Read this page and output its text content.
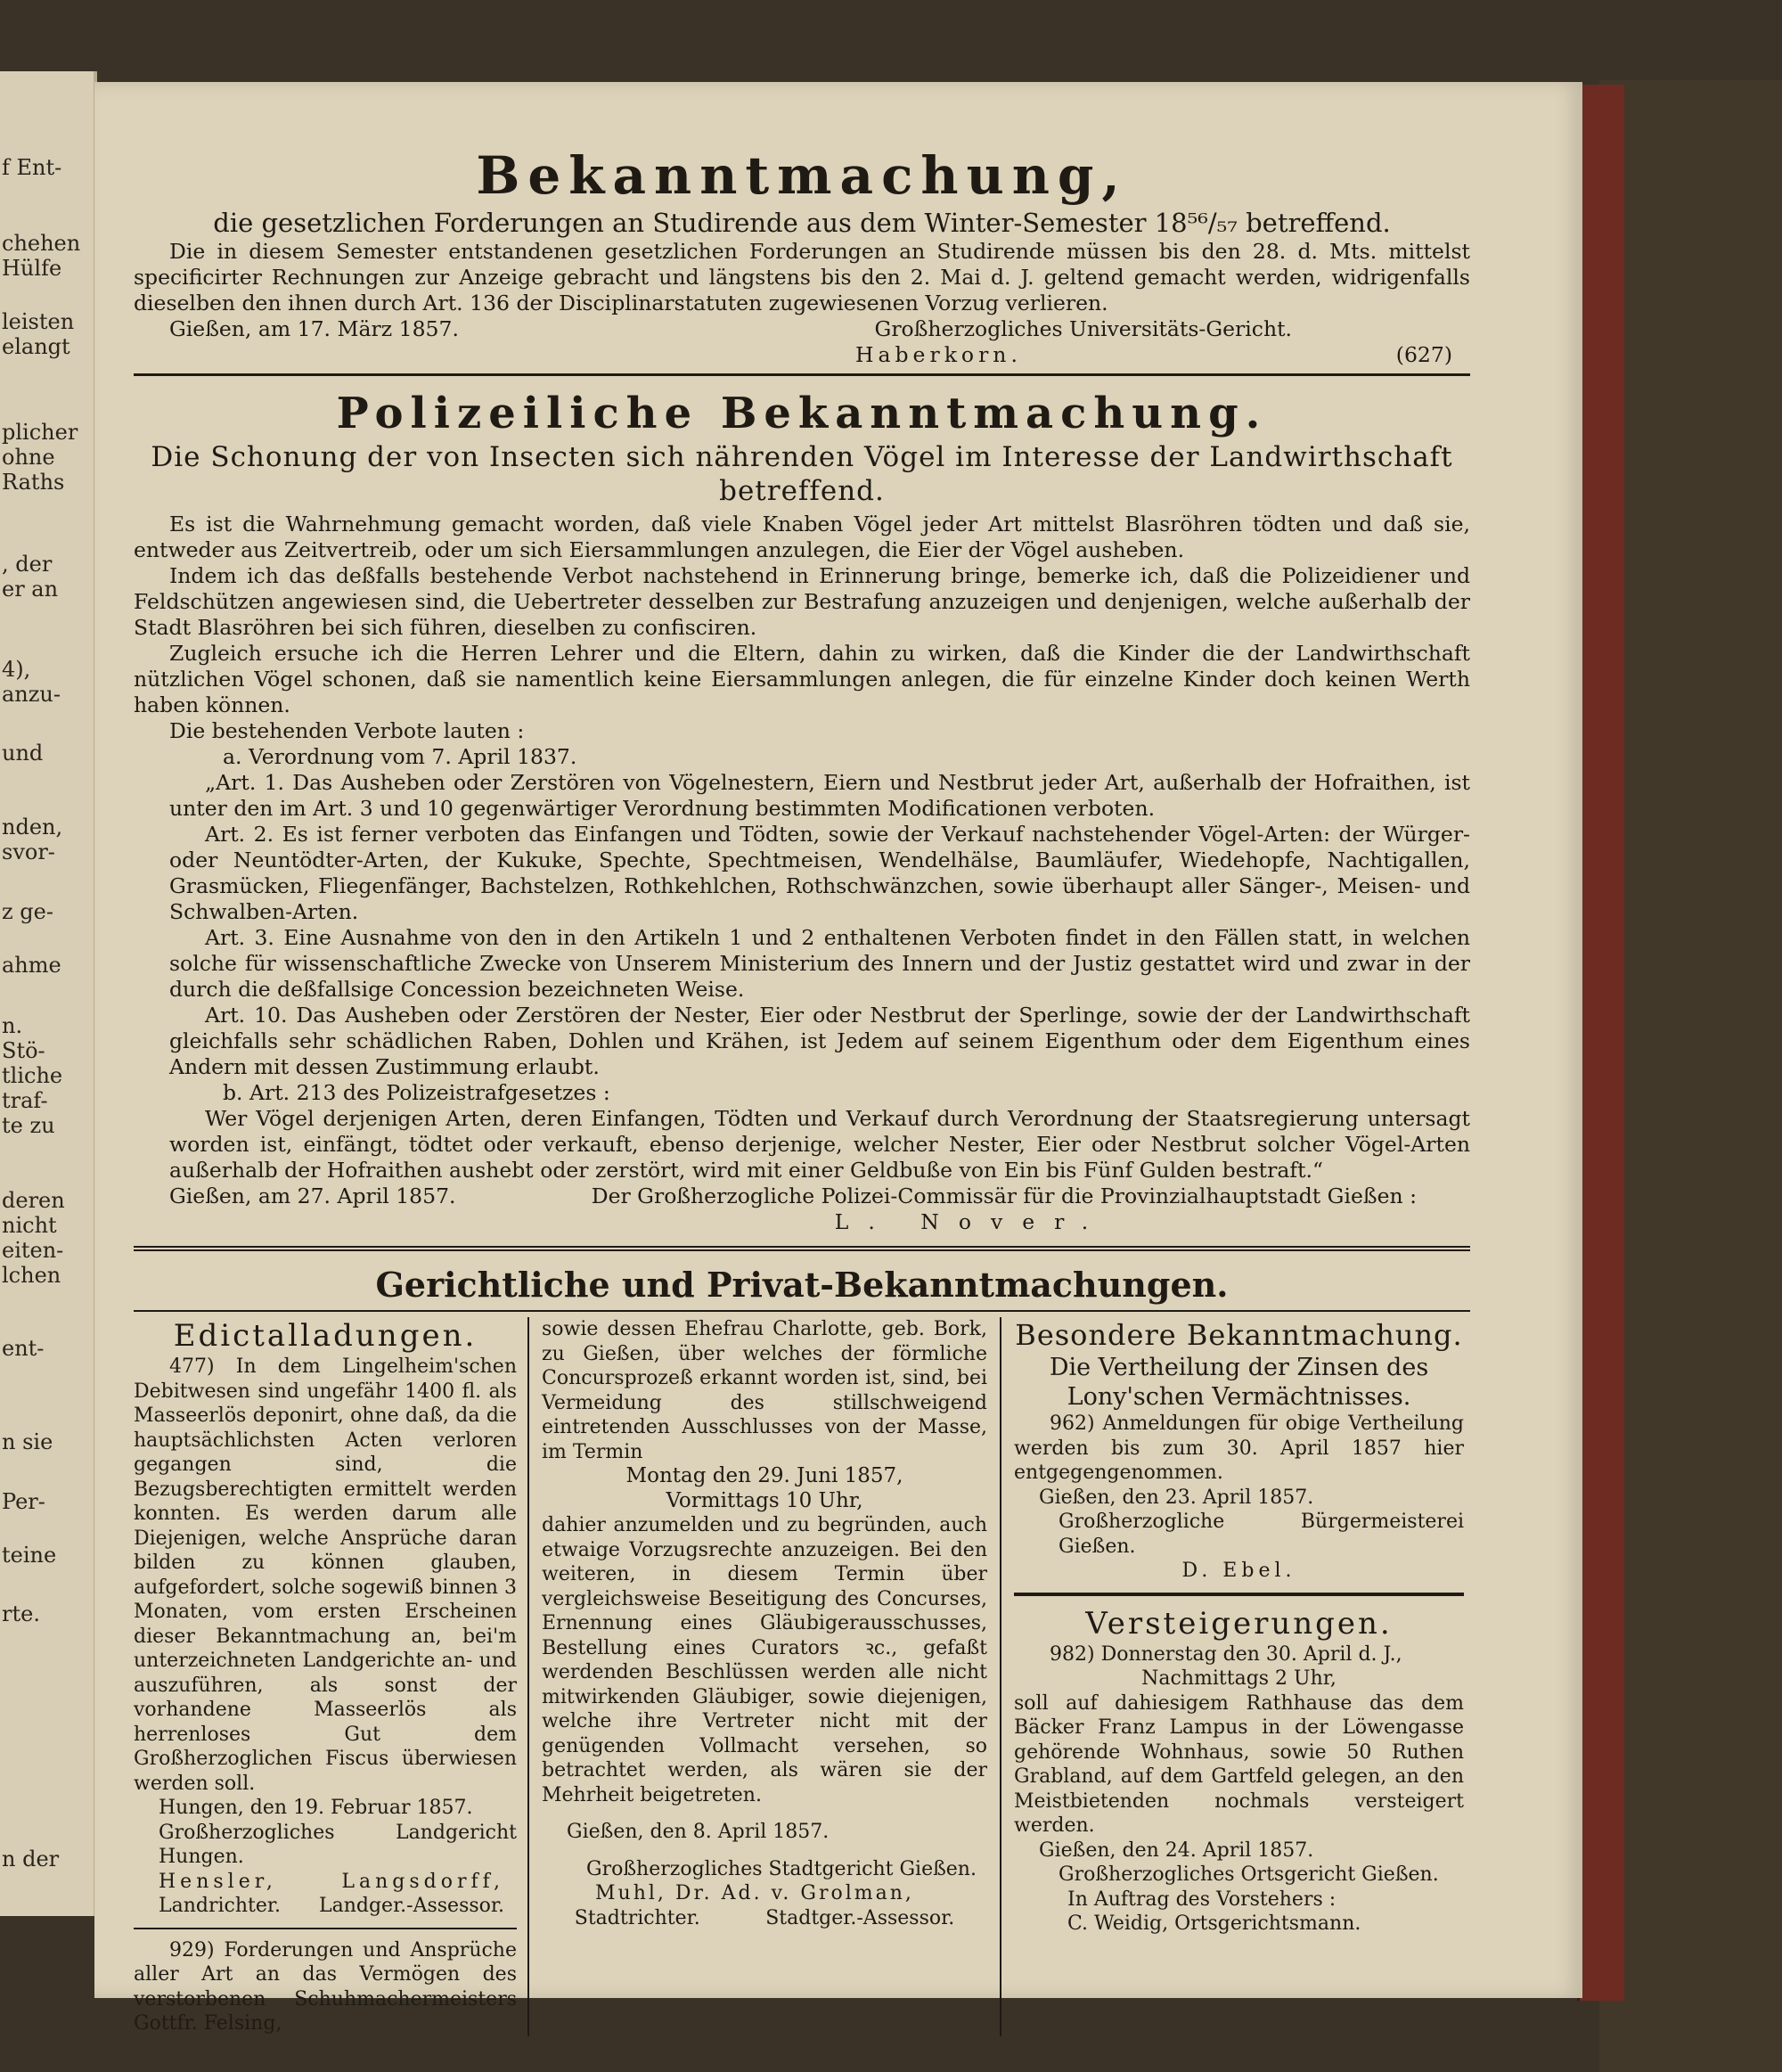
f Ent-
chehen
Hülfe
leisten
elangt
plicher
ohne
Raths
, der
er an
4),
anzu-
und
nden,
svor-
z ge-
ahme
n.
Stö-
tliche
traf-
te zu
deren
nicht
eiten-
lchen
ent-
n sie
Per-
teine
rte.
n der

Bekanntmachung,

die gesetzlichen Forderungen an Studirende aus dem Winter-Semester 18⁵⁶/₅₇ betreffend.

Die in diesem Semester entstandenen gesetzlichen Forderungen an Studirende müssen bis den 28. d. Mts. mittelst specificirter Rechnungen zur Anzeige gebracht und längstens bis den 2. Mai d. J. geltend gemacht werden, widrigenfalls dieselben den ihnen durch Art. 136 der Disciplinarstatuten zugewiesenen Vorzug verlieren.

Gießen, am 17. März 1857.	Großherzogliches Universitäts-Gericht.
Haberkorn.	(627)

Polizeiliche Bekanntmachung.

Die Schonung der von Insecten sich nährenden Vögel im Interesse der Landwirthschaft betreffend.

Es ist die Wahrnehmung gemacht worden, daß viele Knaben Vögel jeder Art mittelst Blasröhren tödten und daß sie, entweder aus Zeitvertreib, oder um sich Eiersammlungen anzulegen, die Eier der Vögel ausheben.

Indem ich das deßfalls bestehende Verbot nachstehend in Erinnerung bringe, bemerke ich, daß die Polizeidiener und Feldschützen angewiesen sind, die Uebertreter desselben zur Bestrafung anzuzeigen und denjenigen, welche außerhalb der Stadt Blasröhren bei sich führen, dieselben zu confisciren.

Zugleich ersuche ich die Herren Lehrer und die Eltern, dahin zu wirken, daß die Kinder die der Landwirthschaft nützlichen Vögel schonen, daß sie namentlich keine Eiersammlungen anlegen, die für einzelne Kinder doch keinen Werth haben können.

Die bestehenden Verbote lauten :

a. Verordnung vom 7. April 1837.

„Art. 1. Das Ausheben oder Zerstören von Vögelnestern, Eiern und Nestbrut jeder Art, außerhalb der Hofraithen, ist unter den im Art. 3 und 10 gegenwärtiger Verordnung bestimmten Modificationen verboten.

Art. 2. Es ist ferner verboten das Einfangen und Tödten, sowie der Verkauf nachstehender Vögel-Arten: der Würger- oder Neuntödter-Arten, der Kukuke, Spechte, Spechtmeisen, Wendelhälse, Baumläufer, Wiedehopfe, Nachtigallen, Grasmücken, Fliegenfänger, Bachstelzen, Rothkehlchen, Rothschwänzchen, sowie überhaupt aller Sänger-, Meisen- und Schwalben-Arten.

Art. 3. Eine Ausnahme von den in den Artikeln 1 und 2 enthaltenen Verboten findet in den Fällen statt, in welchen solche für wissenschaftliche Zwecke von Unserem Ministerium des Innern und der Justiz gestattet wird und zwar in der durch die deßfallsige Concession bezeichneten Weise.

Art. 10. Das Ausheben oder Zerstören der Nester, Eier oder Nestbrut der Sperlinge, sowie der der Landwirthschaft gleichfalls sehr schädlichen Raben, Dohlen und Krähen, ist Jedem auf seinem Eigenthum oder dem Eigenthum eines Andern mit dessen Zustimmung erlaubt.

b. Art. 213 des Polizeistrafgesetzes :

Wer Vögel derjenigen Arten, deren Einfangen, Tödten und Verkauf durch Verordnung der Staatsregierung untersagt worden ist, einfängt, tödtet oder verkauft, ebenso derjenige, welcher Nester, Eier oder Nestbrut solcher Vögel-Arten außerhalb der Hofraithen aushebt oder zerstört, wird mit einer Geldbuße von Ein bis Fünf Gulden bestraft.“

Gießen, am 27. April 1857.	Der Großherzogliche Polizei-Commissär für die Provinzialhauptstadt Gießen :
L. Nover.

Gerichtliche und Privat-Bekanntmachungen.

Edictalladungen.

477) In dem Lingelheim'schen Debitwesen sind ungefähr 1400 fl. als Masseerlös deponirt, ohne daß, da die hauptsächlichsten Acten verloren gegangen sind, die Bezugsberechtigten ermittelt werden konnten. Es werden darum alle Diejenigen, welche Ansprüche daran bilden zu können glauben, aufgefordert, solche sogewiß binnen 3 Monaten, vom ersten Erscheinen dieser Bekanntmachung an, bei'm unterzeichneten Landgerichte an- und auszuführen, als sonst der vorhandene Masseerlös als herrenloses Gut dem Großherzoglichen Fiscus überwiesen werden soll.

Hungen, den 19. Februar 1857.

Großherzogliches Landgericht Hungen.

Hensler,	Langsdorff,
Landrichter. Landger.-Assessor.

929) Forderungen und Ansprüche aller Art an das Vermögen des verstorbenen Schuhmachermeisters Gottfr. Felsing,

sowie dessen Ehefrau Charlotte, geb. Bork, zu Gießen, über welches der förmliche Concursprozeß erkannt worden ist, sind, bei Vermeidung des stillschweigend eintretenden Ausschlusses von der Masse, im Termin

Montag den 29. Juni 1857,

Vormittags 10 Uhr,

dahier anzumelden und zu begründen, auch etwaige Vorzugsrechte anzuzeigen. Bei den weiteren, in diesem Termin über vergleichsweise Beseitigung des Concurses, Ernennung eines Gläubigerausschusses, Bestellung eines Curators ꝛc., gefaßt werdenden Beschlüssen werden alle nicht mitwirkenden Gläubiger, sowie diejenigen, welche ihre Vertreter nicht mit der genügenden Vollmacht versehen, so betrachtet werden, als wären sie der Mehrheit beigetreten.

Gießen, den 8. April 1857.

Großherzogliches Stadtgericht Gießen.

Muhl, Dr. Ad. v. Grolman,

Stadtrichter.	Stadtger.-Assessor.

Besondere Bekanntmachung.

Die Vertheilung der Zinsen des Lony'schen Vermächtnisses.

962) Anmeldungen für obige Vertheilung werden bis zum 30. April 1857 hier entgegengenommen.

Gießen, den 23. April 1857.

Großherzogliche Bürgermeisterei Gießen.

D. Ebel.

Versteigerungen.

982) Donnerstag den 30. April d. J.,

Nachmittags 2 Uhr,

soll auf dahiesigem Rathhause das dem Bäcker Franz Lampus in der Löwengasse gehörende Wohnhaus, sowie 50 Ruthen Grabland, auf dem Gartfeld gelegen, an den Meistbietenden nochmals versteigert werden.

Gießen, den 24. April 1857.

Großherzogliches Ortsgericht Gießen.

In Auftrag des Vorstehers :

C. Weidig, Ortsgerichtsmann.
